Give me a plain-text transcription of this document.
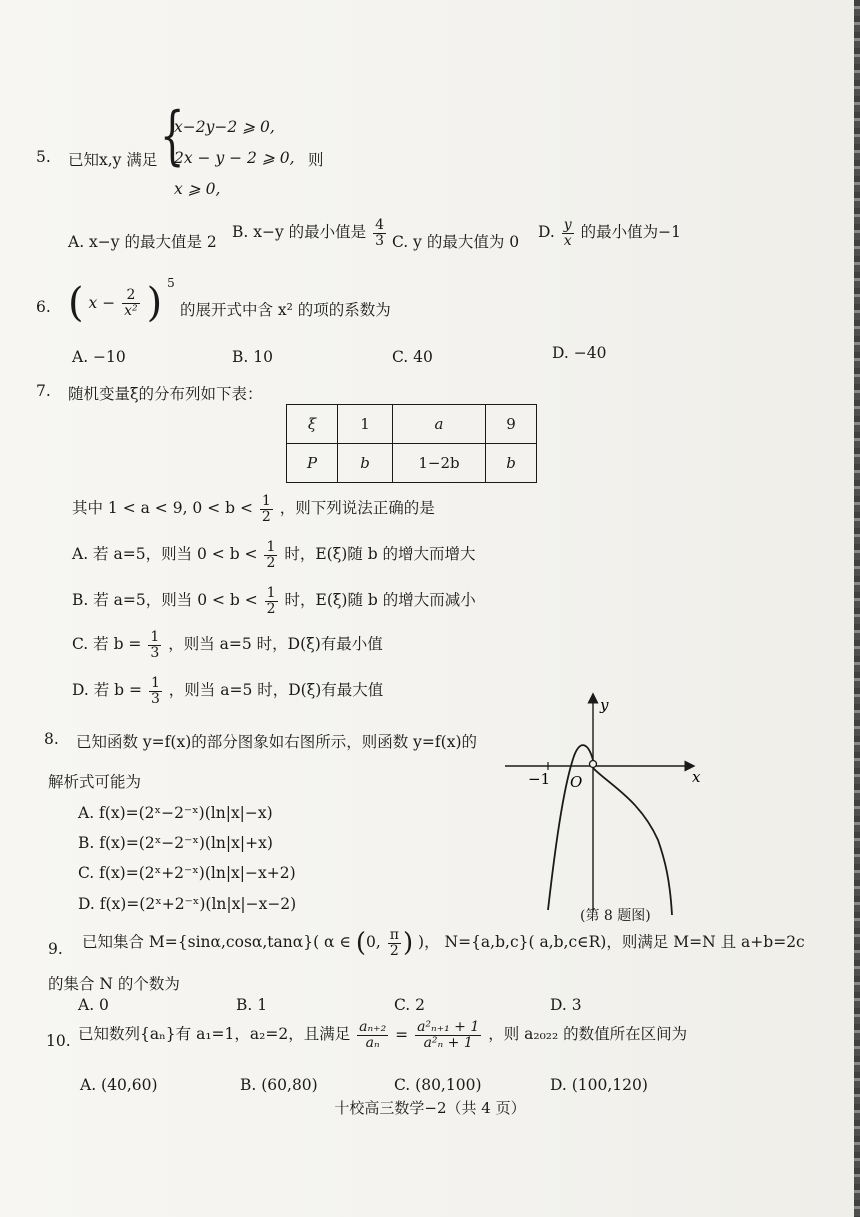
5. 已知x,y 满足 {
x−2y−2 ⩾ 0,
2x − y − 2 ⩾ 0,
x ⩾ 0,
则
A. x−y 的最大值是 2
B. x−y 的最小值是 $\frac{4}{3} C$. y 的最大值为 0
D. $\frac{y}{x}$ 的最小值为−1
6. ( $x - \frac{2}{\text{x²}}$ ) $^5$
的展开式中含 x² 的项的系数为
A. −10	B. 10	C. 40	D. −40
7. 随机变量ξ的分布列如下表：
ξ	1	a	9
P	b	1−2b	b
其中 1 < a < 9, $0 < b < \frac{1}{2}$ ，则下列说法正确的是
A. 若 a=5，则当 $0 < b < \frac{1}{2}$ 时，E(ξ)随 b 的增大而增大
B. 若 a=5，则当 $0 < b < \frac{1}{2}$ 时，E(ξ)随 b 的增大而减小
C. 若 $b = \frac{1}{3}$ ，则当 a=5 时，D(ξ)有最小值
D. 若 $b = \frac{1}{3}$ ，则当 a=5 时，D(ξ)有最大值
8. 已知函数 y=f(x)的部分图象如右图所示，则函数 y=f(x)的
解析式可能为
A. f(x)=(2ˣ−2⁻ˣ)(ln|x|−x)
B. f(x)=(2ˣ−2⁻ˣ)(ln|x|+x)
C. f(x)=(2ˣ+2⁻ˣ)(ln|x|−x+2)
D. f(x)=(2ˣ+2⁻ˣ)(ln|x|−x−2)
y
x
O
−1
(第 8 题图)
9. 已知集合 M={sinα,cosα,tanα}( α ∈ (0, $\frac{\pi}{2}$ ) )， N={a,b,c}( a,b,c∈R)，则满足 M=N 且 a+b=2c
的集合 N 的个数为
A. 0	B. 1	C. 2	D. 3
10. 已知数列{aₙ}有 a₁=1，a₂=2，且满足 $\frac{\text{aₙ₊₂}}{\text{aₙ}} = \frac{\text{a²ₙ₊₁ + 1}}{\text{a²ₙ + 1}}$ ，则 a₂₀₂₂ 的数值所在区间为
A. (40,60)	B. (60,80)	C. (80,100)	D. (100,120)
十校高三数学−2（共 4 页）
